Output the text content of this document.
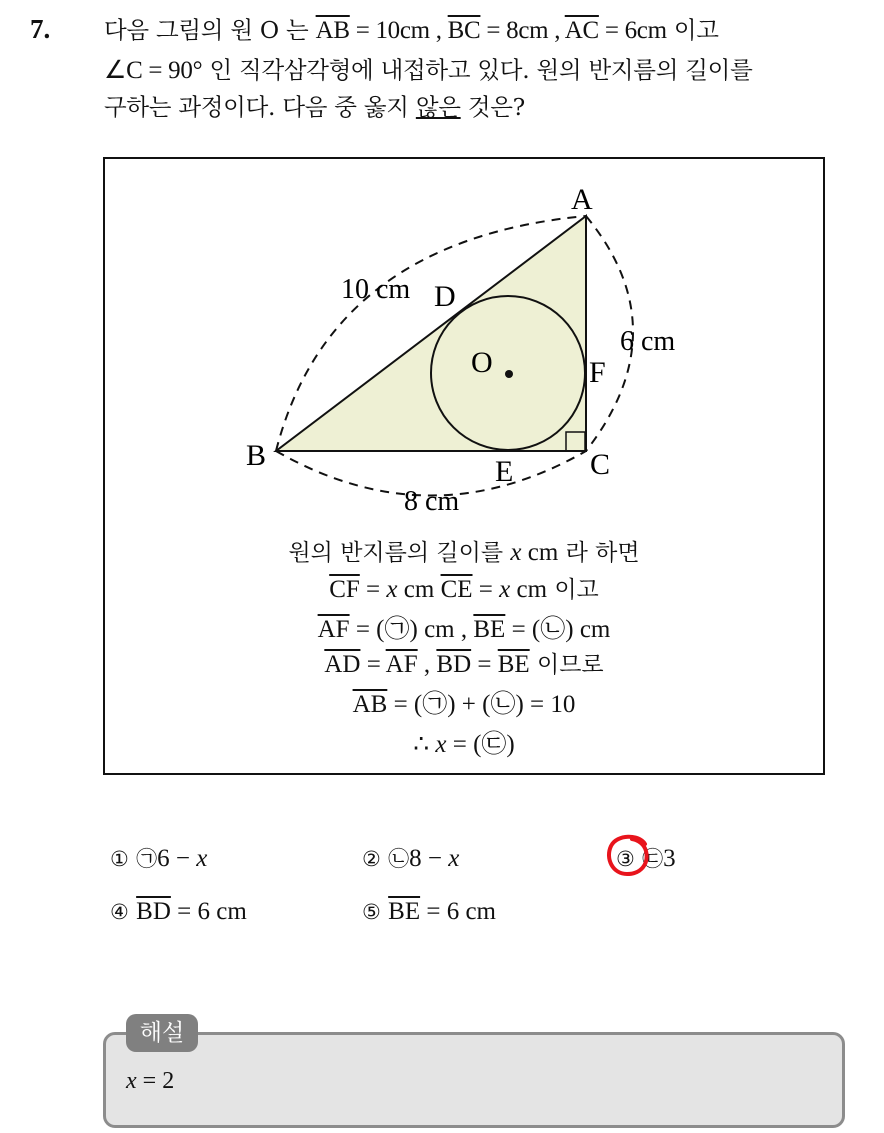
7. 다음 그림의 원 O 는 $\overline{AB} = 10cm$ , $\overline{BC} = 8cm$ , $\overline{AC} = 6cm$ 이고
∠C = 90° 인 직각삼각형에 내접하고 있다. 원의 반지름의 길이를
구하는 과정이다. 다음 중 옳지 않은 것은?
A
B	C
D
E
F
O
10 cm
6 cm
8 cm
원의 반지름의 길이를 x cm 라 하면
$\overline{CF} = x$ cm $\overline{CE} = x$ cm 이고
$\overline{AF}$ = (㉠) cm , $\overline{BE}$ = (㉡) cm
$\overline{AD} = \overline{AF}$ , $\overline{BD} = \overline{BE}$ 이므로
$\overline{AB}$ = (㉠) + (㉡) = 10
∴ x = (㉢)
① ㉠6 − x	② ㉡8 − x	③ ㉢3
④ $\overline{BD} = 6$ cm	⑤ $\overline{BE} = 6$ cm
해설
x = 2
